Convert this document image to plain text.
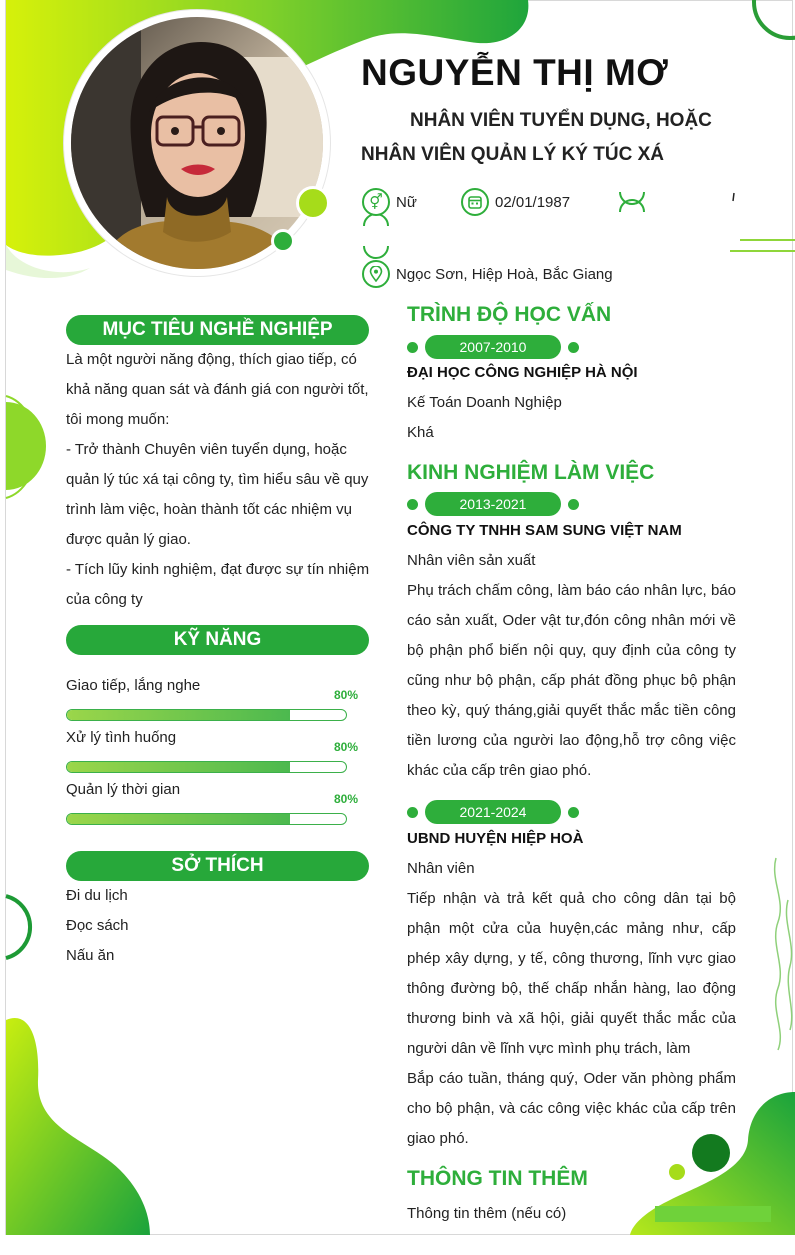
NGUYỄN THỊ MƠ
NHÂN VIÊN TUYỂN DỤNG, HOẶC NHÂN VIÊN QUẢN LÝ KÝ TÚC XÁ
⚥ Nữ	02/01/1987
Ngọc Sơn, Hiệp Hoà, Bắc Giang
MỤC TIÊU NGHỀ NGHIỆP
Là một người năng động, thích giao tiếp, có khả năng quan sát và đánh giá con người tốt, tôi mong muốn:
- Trở thành Chuyên viên tuyển dụng, hoặc quản lý túc xá tại công ty, tìm hiểu sâu về quy trình làm việc, hoàn thành tốt các nhiệm vụ được quản lý giao.
- Tích lũy kinh nghiệm, đạt được sự tín nhiệm của công ty
KỸ NĂNG
Giao tiếp, lắng nghe
80%
Xử lý tình huống
80%
Quản lý thời gian
80%
SỞ THÍCH
Đi du lịch
Đọc sách
Nấu ăn
TRÌNH ĐỘ HỌC VẤN
2007-2010
ĐẠI HỌC CÔNG NGHIỆP HÀ NỘI
Kế Toán Doanh Nghiệp
Khá
KINH NGHIỆM LÀM VIỆC
2013-2021
CÔNG TY TNHH SAM SUNG VIỆT NAM
Nhân viên sản xuất
Phụ trách chấm công, làm báo cáo nhân lực, báo cáo sản xuất, Oder vật tư,đón công nhân mới về bộ phận phổ biến nội quy, quy định của công ty cũng như bộ phận, cấp phát đồng phục bộ phận theo kỳ, quý tháng,giải quyết thắc mắc tiền công tiền lương của người lao động,hỗ trợ công việc khác của cấp trên giao phó.
2021-2024
UBND HUYỆN HIỆP HOÀ
Nhân viên
Tiếp nhận và trả kết quả cho công dân tại bộ phận một cửa của huyện,các mảng như, cấp phép xây dựng, y tế, công thương, lĩnh vực giao thông đường bộ, thế chấp nhắn hàng, lao động thương binh và xã hội, giải quyết thắc mắc của người dân về lĩnh vực mình phụ trách, làm
Bắp cáo tuần, tháng quý, Oder văn phòng phẩm cho bộ phận, và các công việc khác của cấp trên giao phó.
THÔNG TIN THÊM
Thông tin thêm (nếu có)
